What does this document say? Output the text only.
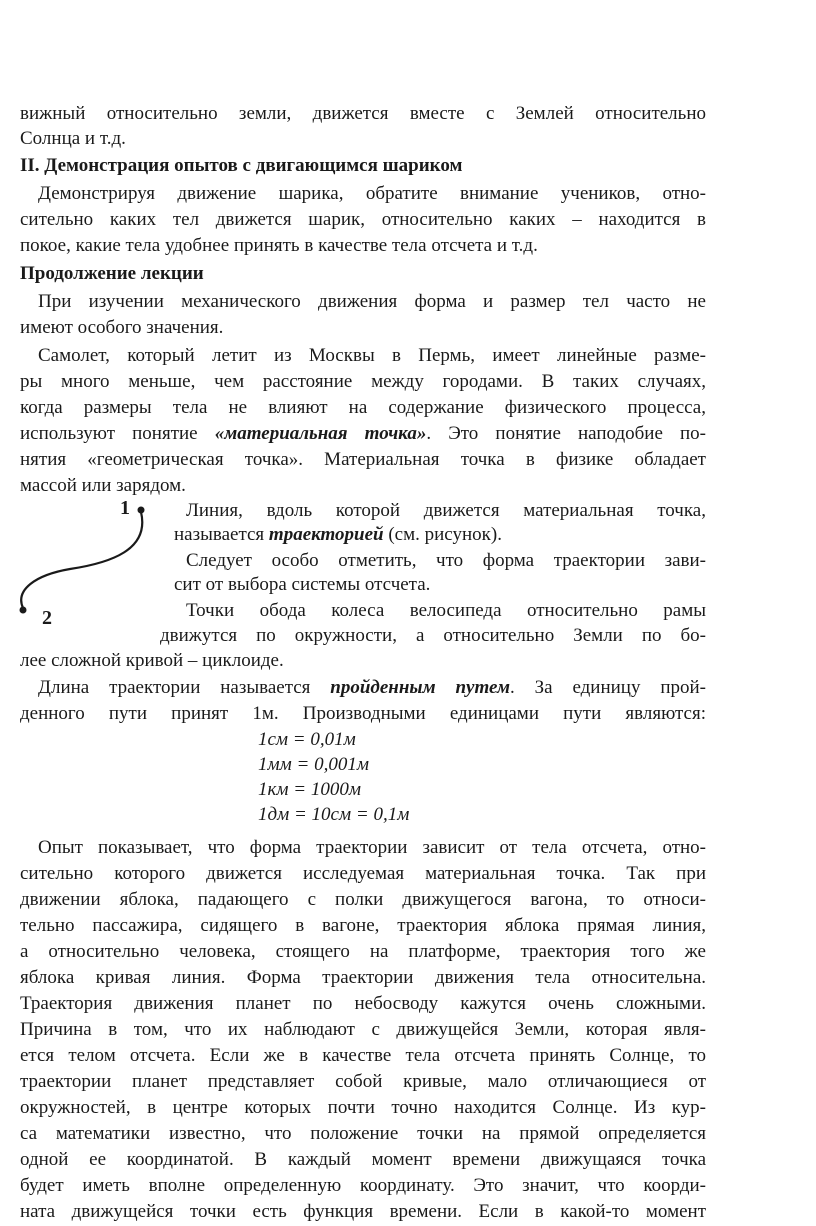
вижный относительно земли, движется вместе с Землей относительно
Солнца и т.д.
II. Демонстрация опытов с двигающимся шариком
Демонстрируя движение шарика, обратите внимание учеников, отно-
сительно каких тел движется шарик, относительно каких – находится в
покое, какие тела удобнее принять в качестве тела отсчета и т.д.
Продолжение лекции
При изучении механического движения форма и размер тел часто не
имеют особого значения.
Самолет, который летит из Москвы в Пермь, имеет линейные разме-
ры много меньше, чем расстояние между городами. В таких случаях,
когда размеры тела не влияют на содержание физического процесса,
используют понятие «материальная точка». Это понятие наподобие по-
нятия «геометрическая точка». Материальная точка в физике обладает
массой или зарядом.
1
2
Линия, вдоль которой движется материальная точка,
называется траекторией (см. рисунок).
Следует особо отметить, что форма траектории зави-
сит от выбора системы отсчета.
Точки обода колеса велосипеда относительно рамы
движутся по окружности, а относительно Земли по бо-
лее сложной кривой – циклоиде.
Длина траектории называется пройденным путем. За единицу прой-
денного пути принят 1м. Производными единицами пути являются:
1см = 0,01м
1мм = 0,001м
1км = 1000м
1дм = 10см = 0,1м
Опыт показывает, что форма траектории зависит от тела отсчета, отно-
сительно которого движется исследуемая материальная точка. Так при
движении яблока, падающего с полки движущегося вагона, то относи-
тельно пассажира, сидящего в вагоне, траектория яблока прямая линия,
а относительно человека, стоящего на платформе, траектория того же
яблока кривая линия. Форма траектории движения тела относительна.
Траектория движения планет по небосводу кажутся очень сложными.
Причина в том, что их наблюдают с движущейся Земли, которая явля-
ется телом отсчета. Если же в качестве тела отсчета принять Солнце, то
траектории планет представляет собой кривые, мало отличающиеся от
окружностей, в центре которых почти точно находится Солнце. Из кур-
са математики известно, что положение точки на прямой определяется
одной ее координатой. В каждый момент времени движущаяся точка
будет иметь вполне определенную координату. Это значит, что коорди-
ната движущейся точки есть функция времени. Если в какой-то момент
